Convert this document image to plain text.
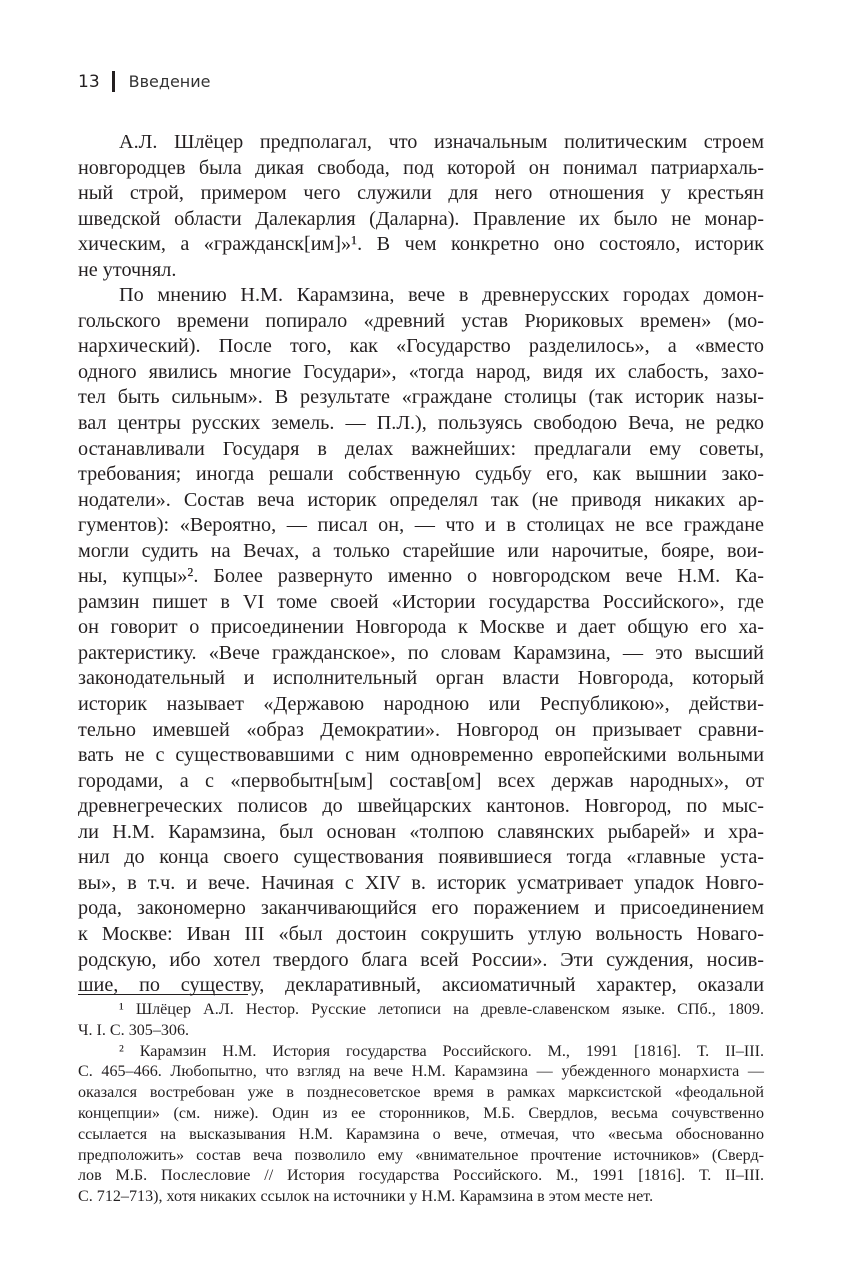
13 Введение
А.Л. Шлёцер предполагал, что изначальным политическим строем
новгородцев была дикая свобода, под которой он понимал патриархаль-
ный строй, примером чего служили для него отношения у крестьян
шведской области Далекарлия (Даларна). Правление их было не монар-
хическим, а «гражданск[им]»¹. В чем конкретно оно состояло, историк
не уточнял.
По мнению Н.М. Карамзина, вече в древнерусских городах домон-
гольского времени попирало «древний устав Рюриковых времен» (мо-
нархический). После того, как «Государство разделилось», а «вместо
одного явились многие Государи», «тогда народ, видя их слабость, захо-
тел быть сильным». В результате «граждане столицы (так историк назы-
вал центры русских земель. — П.Л.), пользуясь свободою Веча, не редко
останавливали Государя в делах важнейших: предлагали ему советы,
требования; иногда решали собственную судьбу его, как вышнии зако-
нодатели». Состав веча историк определял так (не приводя никаких ар-
гументов): «Вероятно, — писал он, — что и в столицах не все граждане
могли судить на Вечах, а только старейшие или нарочитые, бояре, вои-
ны, купцы»². Более развернуто именно о новгородском вече Н.М. Ка-
рамзин пишет в VI томе своей «Истории государства Российского», где
он говорит о присоединении Новгорода к Москве и дает общую его ха-
рактеристику. «Вече гражданское», по словам Карамзина, — это высший
законодательный и исполнительный орган власти Новгорода, который
историк называет «Державою народною или Республикою», действи-
тельно имевшей «образ Демократии». Новгород он призывает сравни-
вать не с существовавшими с ним одновременно европейскими вольными
городами, а с «первобытн[ым] состав[ом] всех держав народных», от
древнегреческих полисов до швейцарских кантонов. Новгород, по мыс-
ли Н.М. Карамзина, был основан «толпою славянских рыбарей» и хра-
нил до конца своего существования появившиеся тогда «главные уста-
вы», в т.ч. и вече. Начиная с XIV в. историк усматривает упадок Новго-
рода, закономерно заканчивающийся его поражением и присоединением
к Москве: Иван III «был достоин сокрушить утлую вольность Новаго-
родскую, ибо хотел твердого блага всей России». Эти суждения, носив-
шие, по существу, декларативный, аксиоматичный характер, оказали
¹ Шлёцер А.Л. Нестор. Русские летописи на древле-славенском языке. СПб., 1809.
Ч. I. С. 305–306.
² Карамзин Н.М. История государства Российского. М., 1991 [1816]. Т. II–III.
С. 465–466. Любопытно, что взгляд на вече Н.М. Карамзина — убежденного монархиста —
оказался востребован уже в позднесоветское время в рамках марксистской «феодальной
концепции» (см. ниже). Один из ее сторонников, М.Б. Свердлов, весьма сочувственно
ссылается на высказывания Н.М. Карамзина о вече, отмечая, что «весьма обоснованно
предположить» состав веча позволило ему «внимательное прочтение источников» (Сверд-
лов М.Б. Послесловие // История государства Российского. М., 1991 [1816]. Т. II–III.
С. 712–713), хотя никаких ссылок на источники у Н.М. Карамзина в этом месте нет.
